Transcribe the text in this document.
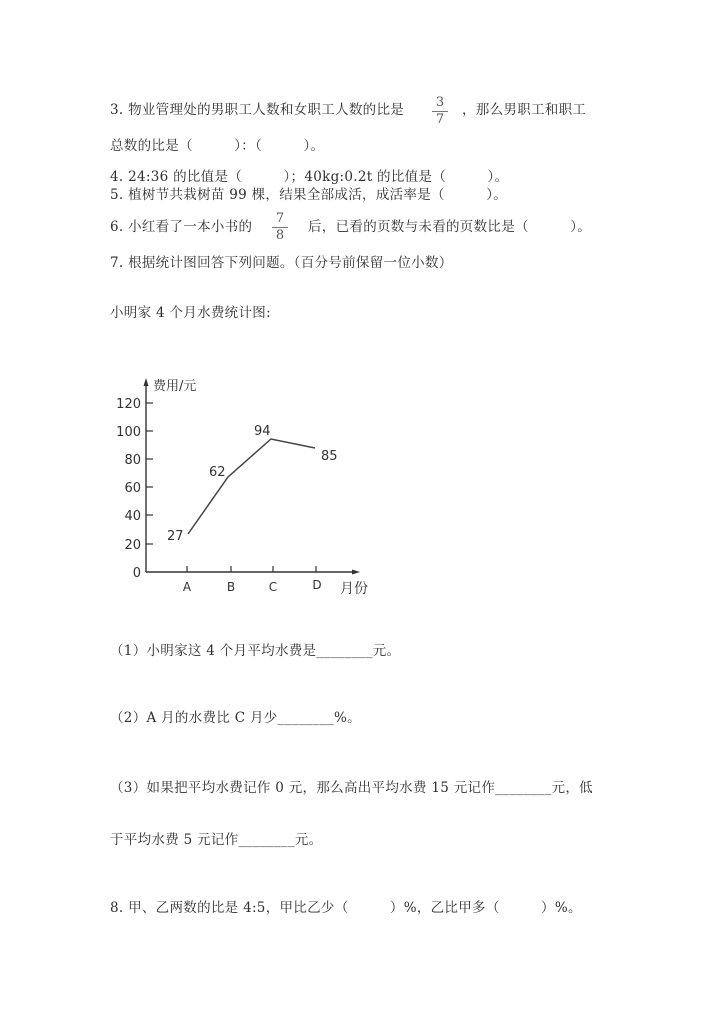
3. 物业管理处的男职工人数和女职工人数的比是 3
7
，那么男职工和职工
总数的比是（　　　）：（　　　）。
4. 24:36 的比值是（　　　）；40kg:0.2t 的比值是（　　　）。
5. 植树节共栽树苗 99 棵，结果全部成活，成活率是（　　　）。
6. 小红看了一本小书的
7
8
后，已看的页数与未看的页数比是（　　　）。
7. 根据统计图回答下列问题。（百分号前保留一位小数）
小明家 4 个月水费统计图:
0
20
40
60
80
100
120
费用/元
A	B	C	D 月份
27
62
94
85
（1）小明家这 4 个月平均水费是________元。
（2）A 月的水费比 C 月少________%。
（3）如果把平均水费记作 0 元，那么高出平均水费 15 元记作________元，低
于平均水费 5 元记作________元。
8. 甲、乙两数的比是 4:5，甲比乙少（　　　）%，乙比甲多（　　　）%。
